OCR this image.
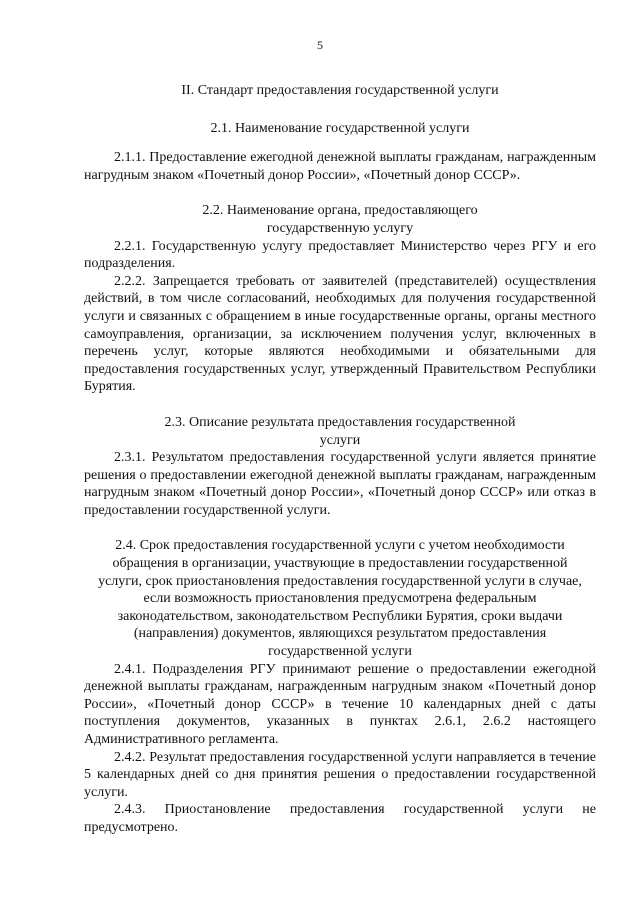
5

II. Стандарт предоставления государственной услуги

2.1. Наименование государственной услуги

2.1.1. Предоставление ежегодной денежной выплаты гражданам, награжденным нагрудным знаком «Почетный донор России», «Почетный донор СССР».

2.2. Наименование органа, предоставляющего

государственную услугу

2.2.1. Государственную услугу предоставляет Министерство через РГУ и его подразделения.

2.2.2. Запрещается требовать от заявителей (представителей) осуществления действий, в том числе согласований, необходимых для получения государственной услуги и связанных с обращением в иные государственные органы, органы местного самоуправления, организации, за исключением получения услуг, включенных в перечень услуг, которые являются необходимыми и обязательными для предоставления государственных услуг, утвержденный Правительством Республики Бурятия.

2.3. Описание результата предоставления государственной

услуги

2.3.1. Результатом предоставления государственной услуги является принятие решения о предоставлении ежегодной денежной выплаты гражданам, награжденным нагрудным знаком «Почетный донор России», «Почетный донор СССР» или отказ в предоставлении государственной услуги.

2.4. Срок предоставления государственной услуги с учетом необходимости

обращения в организации, участвующие в предоставлении государственной

услуги, срок приостановления предоставления государственной услуги в случае,

если возможность приостановления предусмотрена федеральным

законодательством, законодательством Республики Бурятия, сроки выдачи

(направления) документов, являющихся результатом предоставления

государственной услуги

2.4.1. Подразделения РГУ принимают решение о предоставлении ежегодной денежной выплаты гражданам, награжденным нагрудным знаком «Почетный донор России», «Почетный донор СССР» в течение 10 календарных дней с даты поступления документов, указанных в пунктах 2.6.1, 2.6.2 настоящего Административного регламента.

2.4.2. Результат предоставления государственной услуги направляется в течение 5 календарных дней со дня принятия решения о предоставлении государственной услуги.

2.4.3. Приостановление предоставления государственной услуги не предусмотрено.
